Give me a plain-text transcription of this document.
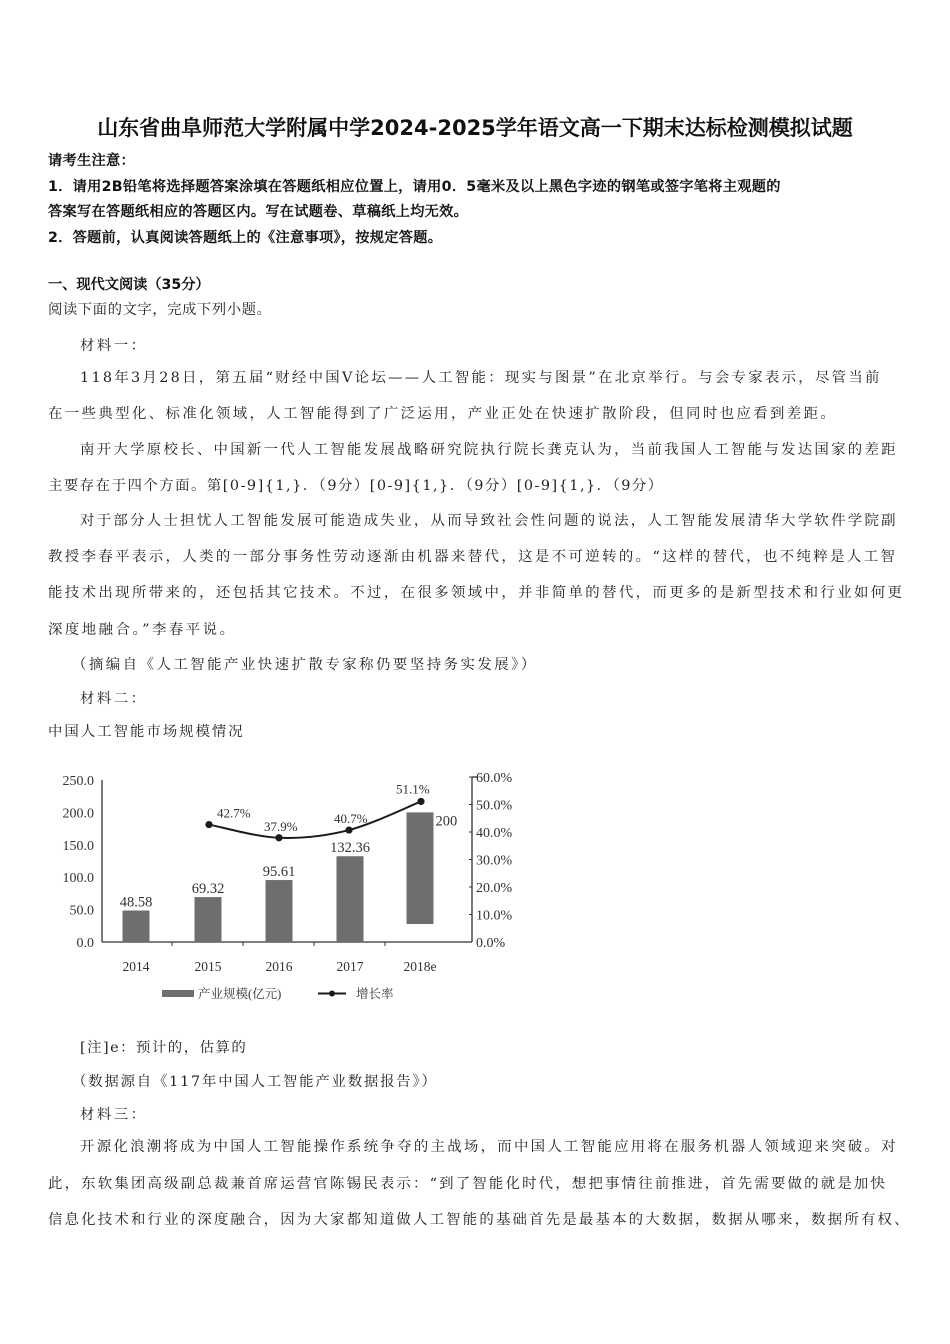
山东省曲阜师范大学附属中学2024-2025学年语文高一下期末达标检测模拟试题
请考生注意：
1．请用2B铅笔将选择题答案涂填在答题纸相应位置上，请用0．5毫米及以上黑色字迹的钢笔或签字笔将主观题的
答案写在答题纸相应的答题区内。写在试题卷、草稿纸上均无效。
2．答题前，认真阅读答题纸上的《注意事项》，按规定答题。
一、现代文阅读（35分）
阅读下面的文字，完成下列小题。
材料一：
118年3月28日，第五届“财经中国V论坛——人工智能：现实与图景”在北京举行。与会专家表示，尽管当前
在一些典型化、标准化领域，人工智能得到了广泛运用，产业正处在快速扩散阶段，但同时也应看到差距。
南开大学原校长、中国新一代人工智能发展战略研究院执行院长龚克认为，当前我国人工智能与发达国家的差距
主要存在于四个方面。第[0-9]{1,}．（9分）[0-9]{1,}．（9分）[0-9]{1,}．（9分）
对于部分人士担忧人工智能发展可能造成失业，从而导致社会性问题的说法，人工智能发展清华大学软件学院副
教授李春平表示，人类的一部分事务性劳动逐渐由机器来替代，这是不可逆转的。“这样的替代，也不纯粹是人工智
能技术出现所带来的，还包括其它技术。不过，在很多领域中，并非简单的替代，而更多的是新型技术和行业如何更
深度地融合。”李春平说。
（摘编自《人工智能产业快速扩散专家称仍要坚持务实发展》）
材料二：
中国人工智能市场规模情况
0.0
50.0
100.0
150.0
200.0
250.0
0.0%
10.0%
20.0%
30.0%
40.0%
50.0%
60.0%
48.58
2014
69.32
2015
95.61
2016
132.36
2017
200
2018e
42.7%
37.9%
40.7%
51.1%
产业规模(亿元)	增长率
[注]e：预计的，估算的
（数据源自《117年中国人工智能产业数据报告》）
材料三：
开源化浪潮将成为中国人工智能操作系统争夺的主战场，而中国人工智能应用将在服务机器人领域迎来突破。对
此，东软集团高级副总裁兼首席运营官陈锡民表示：“到了智能化时代，想把事情往前推进，首先需要做的就是加快
信息化技术和行业的深度融合，因为大家都知道做人工智能的基础首先是最基本的大数据，数据从哪来，数据所有权、
